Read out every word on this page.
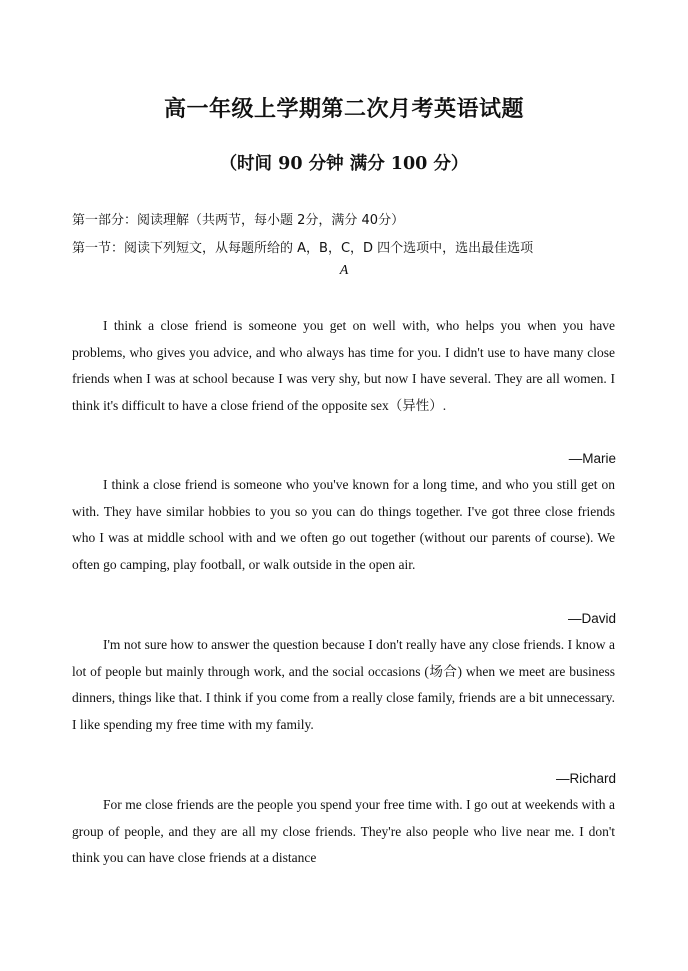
高一年级上学期第二次月考英语试题
（时间 90 分钟 满分 100 分）
第一部分：阅读理解（共两节，每小题 2分，满分 40分）
第一节：阅读下列短文，从每题所给的 A，B，C，D 四个选项中，选出最佳选项
A

I think a close friend is someone you get on well with, who helps you when you have problems, who gives you advice, and who always has time for you. I didn't use to have many close friends when I was at school because I was very shy, but now I have several. They are all women. I think it's difficult to have a close friend of the opposite sex（异性）.

—Marie

I think a close friend is someone who you've known for a long time, and who you still get on with. They have similar hobbies to you so you can do things together. I've got three close friends who I was at middle school with and we often go out together (without our parents of course). We often go camping, play football, or walk outside in the open air.

—David

I'm not sure how to answer the question because I don't really have any close friends. I know a lot of people but mainly through work, and the social occasions (场合) when we meet are business dinners, things like that. I think if you come from a really close family, friends are a bit unnecessary. I like spending my free time with my family.

—Richard

For me close friends are the people you spend your free time with. I go out at weekends with a group of people, and they are all my close friends. They're also people who live near me. I don't think you can have close friends at a distance
